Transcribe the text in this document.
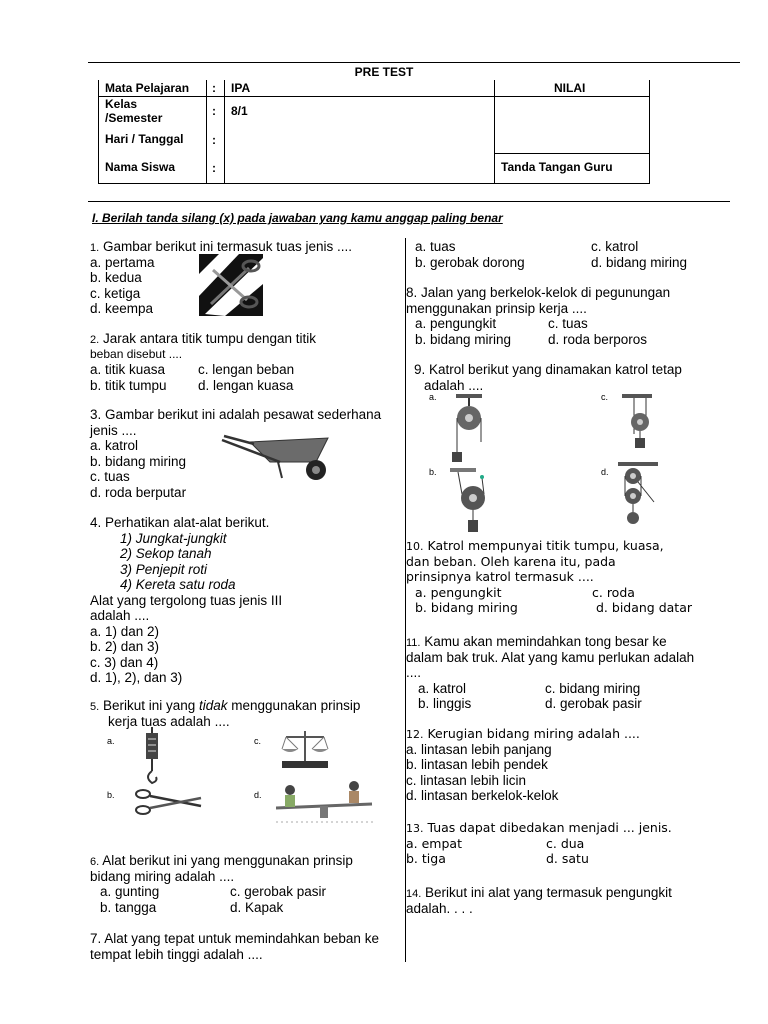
PRE TEST
Mata Pelajaran : IPA	NILAI
Kelas
/Semester	: 8/1
Hari / Tanggal :
Nama Siswa	:	Tanda Tangan Guru
I. Berilah tanda silang (x) pada jawaban yang kamu anggap paling benar
1. Gambar berikut ini termasuk tuas jenis ....
a. pertama
b. kedua
c. ketiga
d. keempa
2. Jarak antara titik tumpu dengan titik
beban disebut ....
a. titik kuasa c. lengan beban
b. titik tumpu d. lengan kuasa
3. Gambar berikut ini adalah pesawat sederhana
jenis ....
a. katrol
b. bidang miring
c. tuas
d. roda berputar
4. Perhatikan alat-alat berikut.
1) Jungkat-jungkit
2) Sekop tanah
3) Penjepit roti
4) Kereta satu roda
Alat yang tergolong tuas jenis III
adalah ....
a. 1) dan 2)
b. 2) dan 3)
c. 3) dan 4)
d. 1), 2), dan 3)
5. Berikut ini yang tidak menggunakan prinsip
kerja tuas adalah ....
a.	c.
b.	d.
6. Alat berikut ini yang menggunakan prinsip
bidang miring adalah ....
a. gunting	c. gerobak pasir
b. tangga	d. Kapak
7. Alat yang tepat untuk memindahkan beban ke
tempat lebih tinggi adalah ....
a. tuas	c. katrol
b. gerobak dorong	d. bidang miring
8. Jalan yang berkelok-kelok di pegunungan
menggunakan prinsip kerja ....
a. pengungkit	c. tuas
b. bidang miring	d. roda berporos
9. Katrol berikut yang dinamakan katrol tetap
adalah ....
a.	c.
b.	d.
10. Katrol mempunyai titik tumpu, kuasa,
dan beban. Oleh karena itu, pada
prinsipnya katrol termasuk ....
a. pengungkit	c. roda
b. bidang miring	d. bidang datar
11. Kamu akan memindahkan tong besar ke
dalam bak truk. Alat yang kamu perlukan adalah
....
a. katrol	c. bidang miring
b. linggis	d. gerobak pasir
12. Kerugian bidang miring adalah ....
a. lintasan lebih panjang
b. lintasan lebih pendek
c. lintasan lebih licin
d. lintasan berkelok-kelok
13. Tuas dapat dibedakan menjadi ... jenis.
a. empat	c. dua
b. tiga	d. satu
14. Berikut ini alat yang termasuk pengungkit
adalah. . . .
